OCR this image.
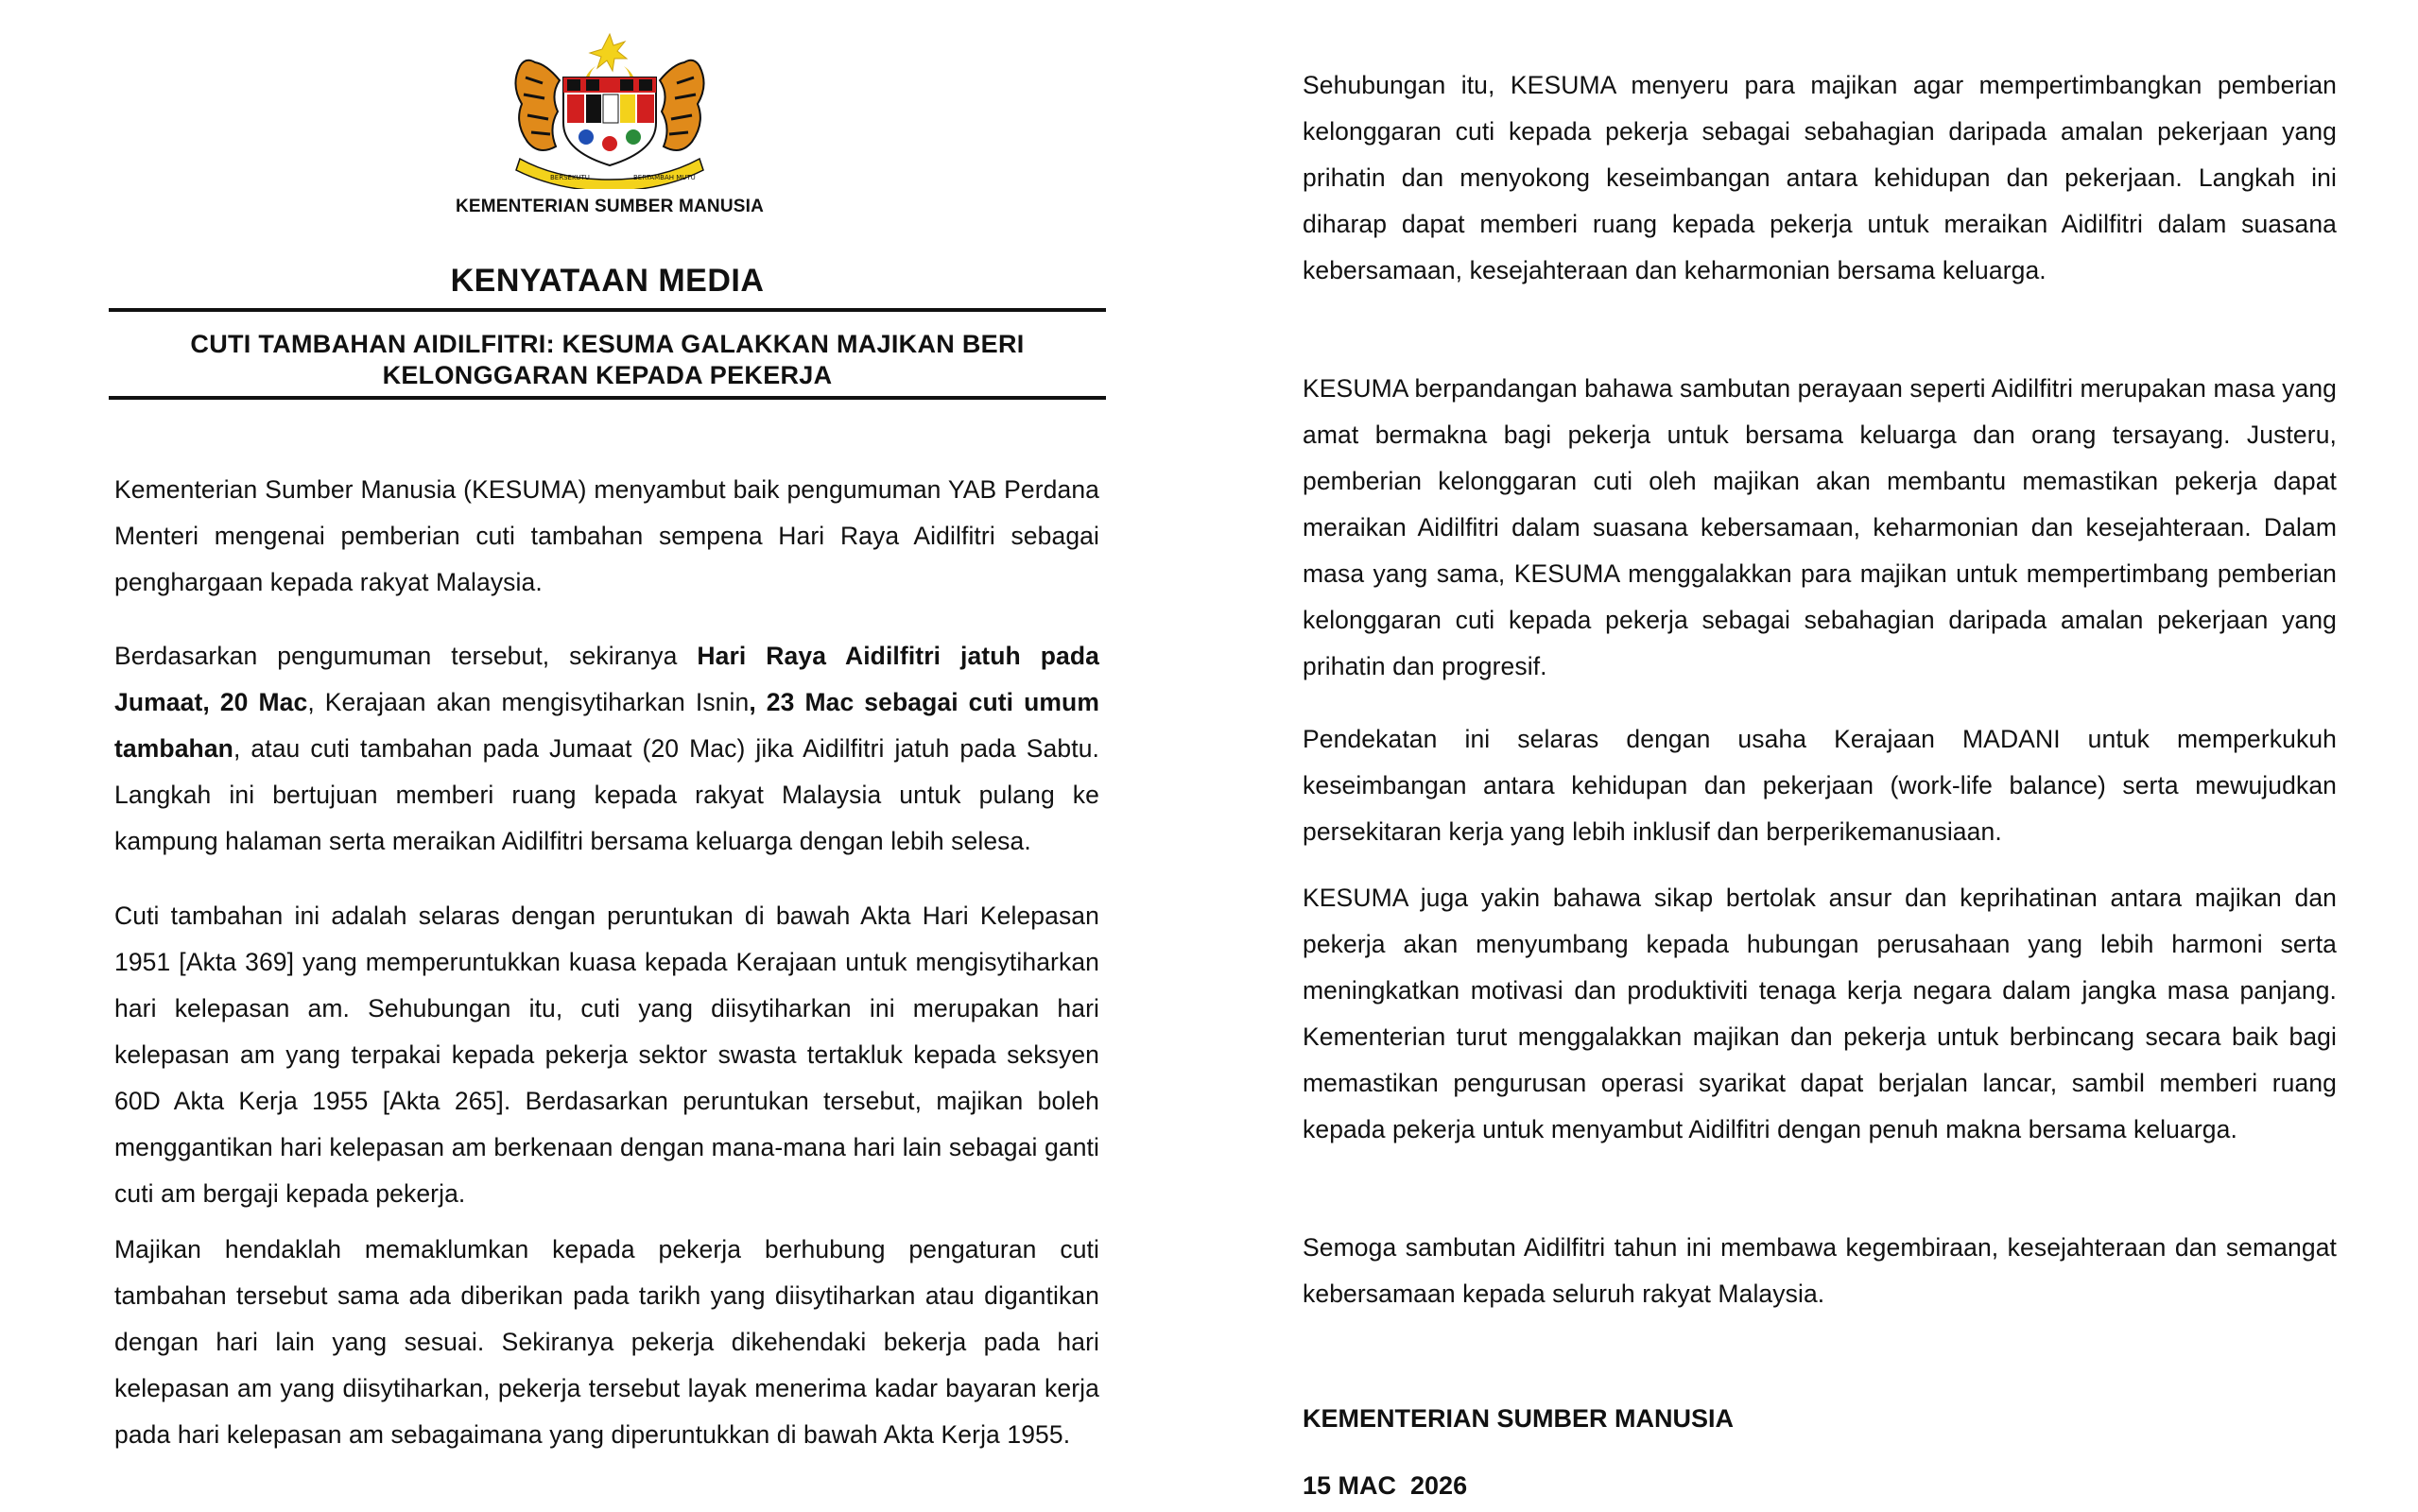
BERSEKUTU	BERTAMBAH MUTU
KEMENTERIAN SUMBER MANUSIA
KENYATAAN MEDIA
CUTI TAMBAHAN AIDILFITRI: KESUMA GALAKKAN MAJIKAN BERI
KELONGGARAN KEPADA PEKERJA

Kementerian Sumber Manusia (KESUMA) menyambut baik pengumuman YAB Perdana Menteri mengenai pemberian cuti tambahan sempena Hari Raya Aidilfitri sebagai penghargaan kepada rakyat Malaysia.

Berdasarkan pengumuman tersebut, sekiranya Hari Raya Aidilfitri jatuh pada Jumaat, 20 Mac, Kerajaan akan mengisytiharkan Isnin, 23 Mac sebagai cuti umum tambahan, atau cuti tambahan pada Jumaat (20 Mac) jika Aidilfitri jatuh pada Sabtu. Langkah ini bertujuan memberi ruang kepada rakyat Malaysia untuk pulang ke kampung halaman serta meraikan Aidilfitri bersama keluarga dengan lebih selesa.

Cuti tambahan ini adalah selaras dengan peruntukan di bawah Akta Hari Kelepasan 1951 [Akta 369] yang memperuntukkan kuasa kepada Kerajaan untuk mengisytiharkan hari kelepasan am. Sehubungan itu, cuti yang diisytiharkan ini merupakan hari kelepasan am yang terpakai kepada pekerja sektor swasta tertakluk kepada seksyen 60D Akta Kerja 1955 [Akta 265]. Berdasarkan peruntukan tersebut, majikan boleh menggantikan hari kelepasan am berkenaan dengan mana-mana hari lain sebagai ganti cuti am bergaji kepada pekerja.

Majikan hendaklah memaklumkan kepada pekerja berhubung pengaturan cuti tambahan tersebut sama ada diberikan pada tarikh yang diisytiharkan atau digantikan dengan hari lain yang sesuai. Sekiranya pekerja dikehendaki bekerja pada hari kelepasan am yang diisytiharkan, pekerja tersebut layak menerima kadar bayaran kerja pada hari kelepasan am sebagaimana yang diperuntukkan di bawah Akta Kerja 1955.

Sehubungan itu, KESUMA menyeru para majikan agar mempertimbangkan pemberian kelonggaran cuti kepada pekerja sebagai sebahagian daripada amalan pekerjaan yang prihatin dan menyokong keseimbangan antara kehidupan dan pekerjaan. Langkah ini diharap dapat memberi ruang kepada pekerja untuk meraikan Aidilfitri dalam suasana kebersamaan, kesejahteraan dan keharmonian bersama keluarga.

KESUMA berpandangan bahawa sambutan perayaan seperti Aidilfitri merupakan masa yang amat bermakna bagi pekerja untuk bersama keluarga dan orang tersayang. Justeru, pemberian kelonggaran cuti oleh majikan akan membantu memastikan pekerja dapat meraikan Aidilfitri dalam suasana kebersamaan, keharmonian dan kesejahteraan. Dalam masa yang sama, KESUMA menggalakkan para majikan untuk mempertimbang pemberian kelonggaran cuti kepada pekerja sebagai sebahagian daripada amalan pekerjaan yang prihatin dan progresif.

Pendekatan ini selaras dengan usaha Kerajaan MADANI untuk memperkukuh keseimbangan antara kehidupan dan pekerjaan (work-life balance) serta mewujudkan persekitaran kerja yang lebih inklusif dan berperikemanusiaan.

KESUMA juga yakin bahawa sikap bertolak ansur dan keprihatinan antara majikan dan pekerja akan menyumbang kepada hubungan perusahaan yang lebih harmoni serta meningkatkan motivasi dan produktiviti tenaga kerja negara dalam jangka masa panjang. Kementerian turut menggalakkan majikan dan pekerja untuk berbincang secara baik bagi memastikan pengurusan operasi syarikat dapat berjalan lancar, sambil memberi ruang kepada pekerja untuk menyambut Aidilfitri dengan penuh makna bersama keluarga.

Semoga sambutan Aidilfitri tahun ini membawa kegembiraan, kesejahteraan dan semangat kebersamaan kepada seluruh rakyat Malaysia.

KEMENTERIAN SUMBER MANUSIA
15 MAC  2026
